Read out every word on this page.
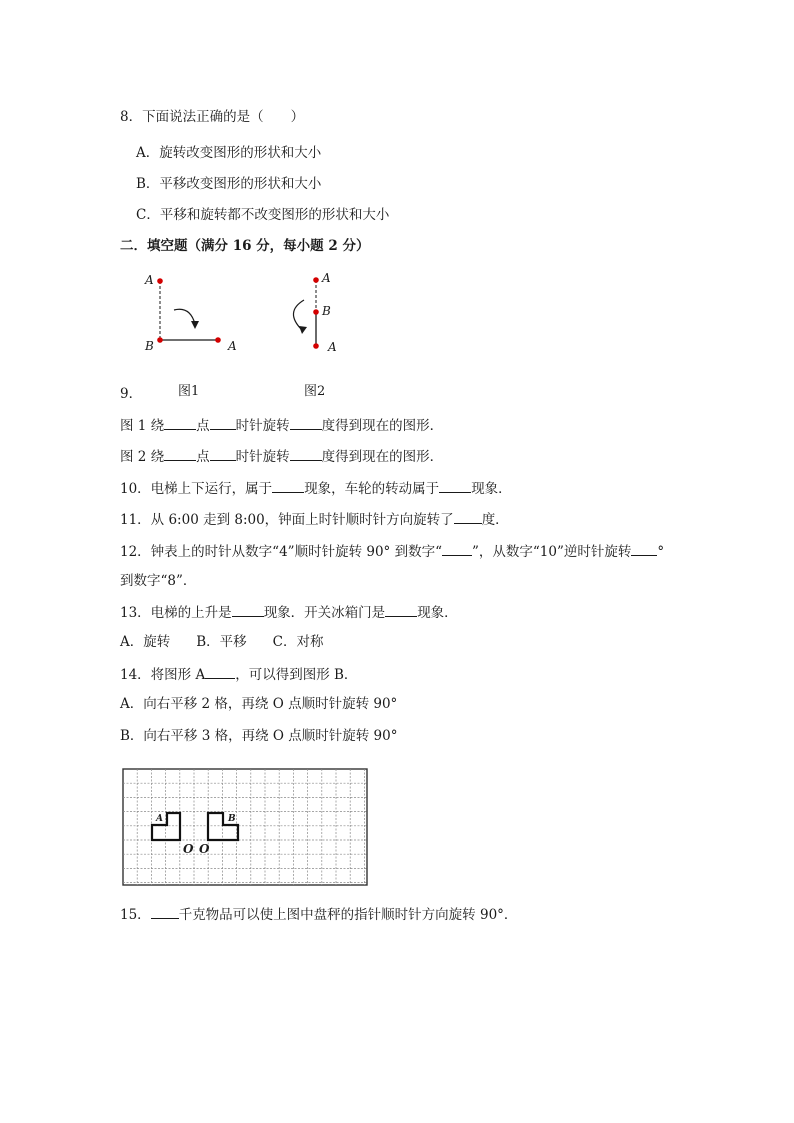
8．下面说法正确的是（　　）
A．旋转改变图形的形状和大小
B．平移改变图形的形状和大小
C．平移和旋转都不改变图形的形状和大小
二．填空题（满分 16 分，每小题 2 分）
A
B	A
A
B
A
9．	图1	图2
图 1 绕 点 时针旋转 度得到现在的图形．
图 2 绕 点 时针旋转 度得到现在的图形．
10．电梯上下运行，属于 现象，车轮的转动属于 现象．
11．从 6:00 走到 8:00，钟面上时针顺时针方向旋转了 度．
12．钟表上的时针从数字“4”顺时针旋转 90° 到数字“ ”，从数字“10”逆时针旋转 °
到数字“8”．
13．电梯的上升是 现象．开关冰箱门是 现象．
A．旋转 B．平移 C．对称
14．将图形 A ，可以得到图形 B．
A．向右平移 2 格，再绕 O 点顺时针旋转 90°
B．向右平移 3 格，再绕 O 点顺时针旋转 90°
A	B
O O
15． 千克物品可以使上图中盘秤的指针顺时针方向旋转 90°．
